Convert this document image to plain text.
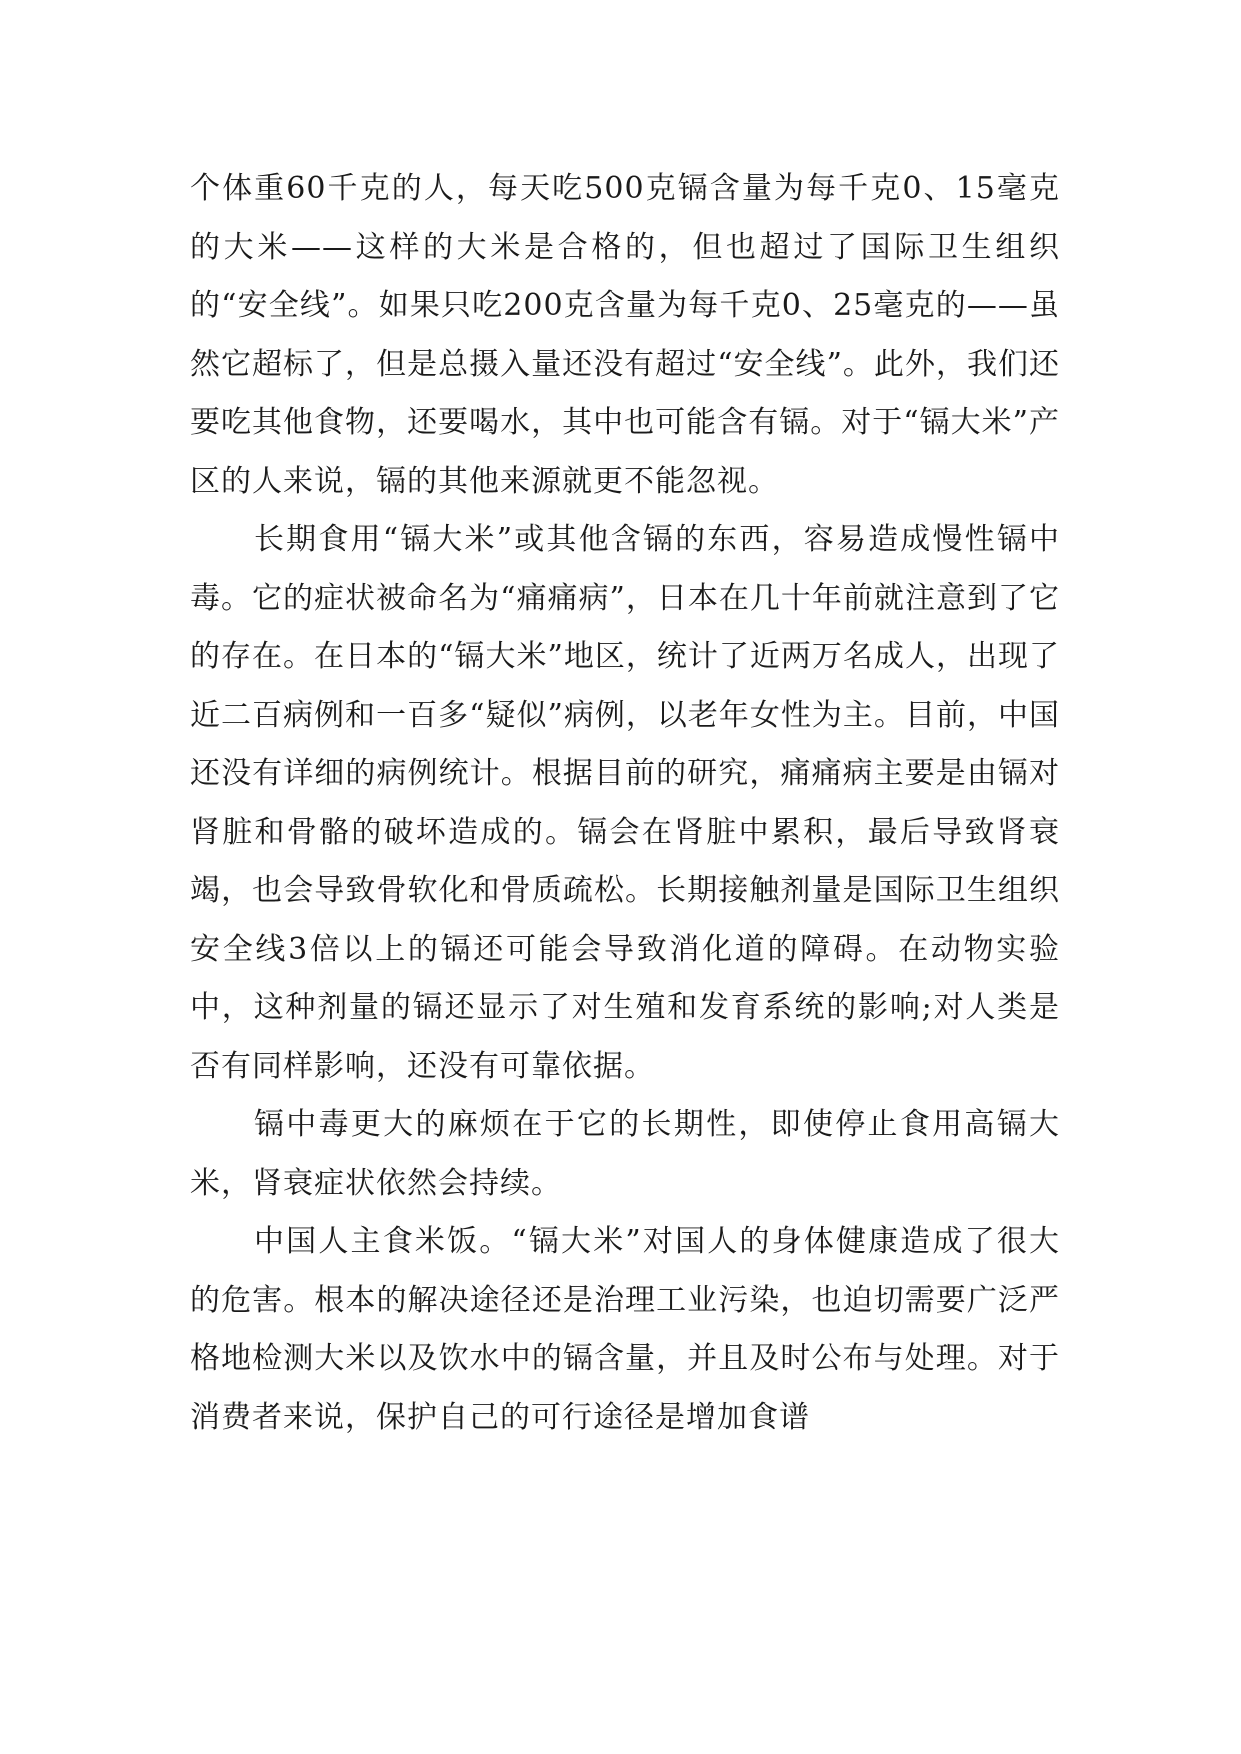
个体重60千克的人，每天吃500克镉含量为每千克0、15毫克的大米——这样的大米是合格的，但也超过了国际卫生组织的“安全线”。如果只吃200克含量为每千克0、25毫克的——虽然它超标了，但是总摄入量还没有超过“安全线”。此外，我们还要吃其他食物，还要喝水，其中也可能含有镉。对于“镉大米”产区的人来说，镉的其他来源就更不能忽视。

长期食用“镉大米”或其他含镉的东西，容易造成慢性镉中毒。它的症状被命名为“痛痛病”，日本在几十年前就注意到了它的存在。在日本的“镉大米”地区，统计了近两万名成人，出现了近二百病例和一百多“疑似”病例，以老年女性为主。目前，中国还没有详细的病例统计。根据目前的研究，痛痛病主要是由镉对肾脏和骨骼的破坏造成的。镉会在肾脏中累积，最后导致肾衰竭，也会导致骨软化和骨质疏松。长期接触剂量是国际卫生组织安全线3倍以上的镉还可能会导致消化道的障碍。在动物实验中，这种剂量的镉还显示了对生殖和发育系统的影响;对人类是否有同样影响，还没有可靠依据。

镉中毒更大的麻烦在于它的长期性，即使停止食用高镉大米，肾衰症状依然会持续。

中国人主食米饭。“镉大米”对国人的身体健康造成了很大的危害。根本的解决途径还是治理工业污染，也迫切需要广泛严格地检测大米以及饮水中的镉含量，并且及时公布与处理。对于消费者来说，保护自己的可行途径是增加食谱
